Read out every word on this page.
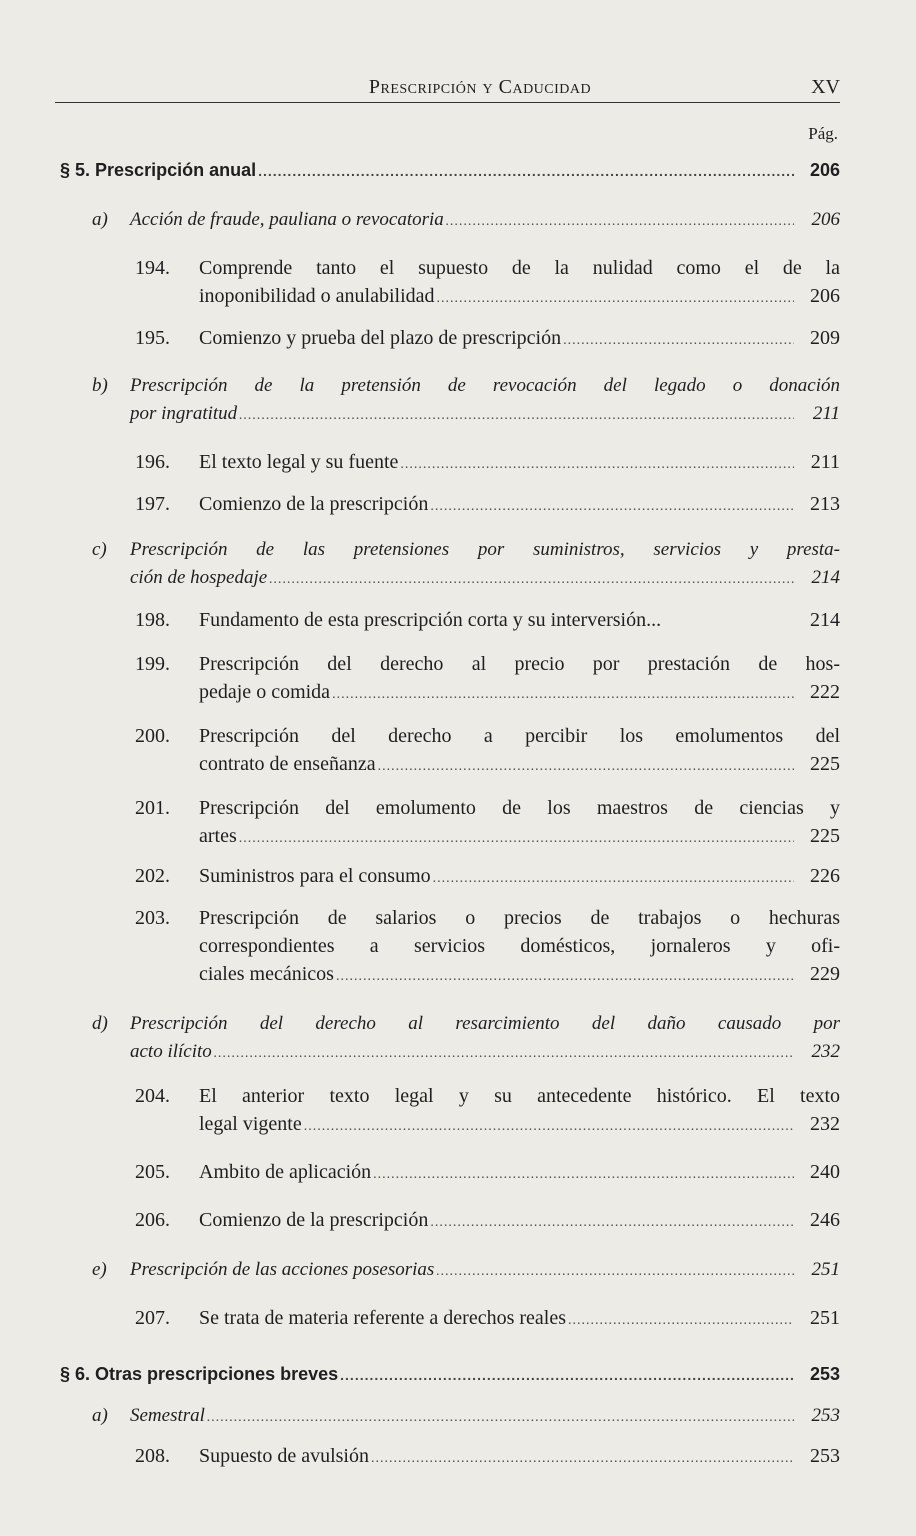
Prescripción y Caducidad	XV
Pág.
§ 5. Prescripción anual .....	206
a)	Acción de fraude, pauliana o revocatoria .....	206
194. Comprende tanto el supuesto de la nulidad como el de la
inoponibilidad o anulabilidad .....	206
195.	Comienzo y prueba del plazo de prescripción .....	209
b) Prescripción de la pretensión de revocación del legado o donación
por ingratitud .....	211
196.	El texto legal y su fuente .....	211
197.	Comienzo de la prescripción .....	213
c) Prescripción de las pretensiones por suministros, servicios y presta-
ción de hospedaje .....	214
198.	Fundamento de esta prescripción corta y su interversión...	214
199. Prescripción del derecho al precio por prestación de hos-
pedaje o comida .....	222
200. Prescripción del derecho a percibir los emolumentos del
contrato de enseñanza .....	225
201. Prescripción del emolumento de los maestros de ciencias y
artes .....	225
202.	Suministros para el consumo .....	226
203. Prescripción de salarios o precios de trabajos o hechuras
correspondientes a servicios domésticos, jornaleros y ofi-
ciales mecánicos .....	229
d) Prescripción del derecho al resarcimiento del daño causado por
acto ilícito .....	232
204. El anterior texto legal y su antecedente histórico. El texto
legal vigente .....	232
205.	Ambito de aplicación .....	240
206.	Comienzo de la prescripción .....	246
e)	Prescripción de las acciones posesorias .....	251
207.	Se trata de materia referente a derechos reales .....	251
§ 6. Otras prescripciones breves .....	253
a)	Semestral .....	253
208.	Supuesto de avulsión .....	253
